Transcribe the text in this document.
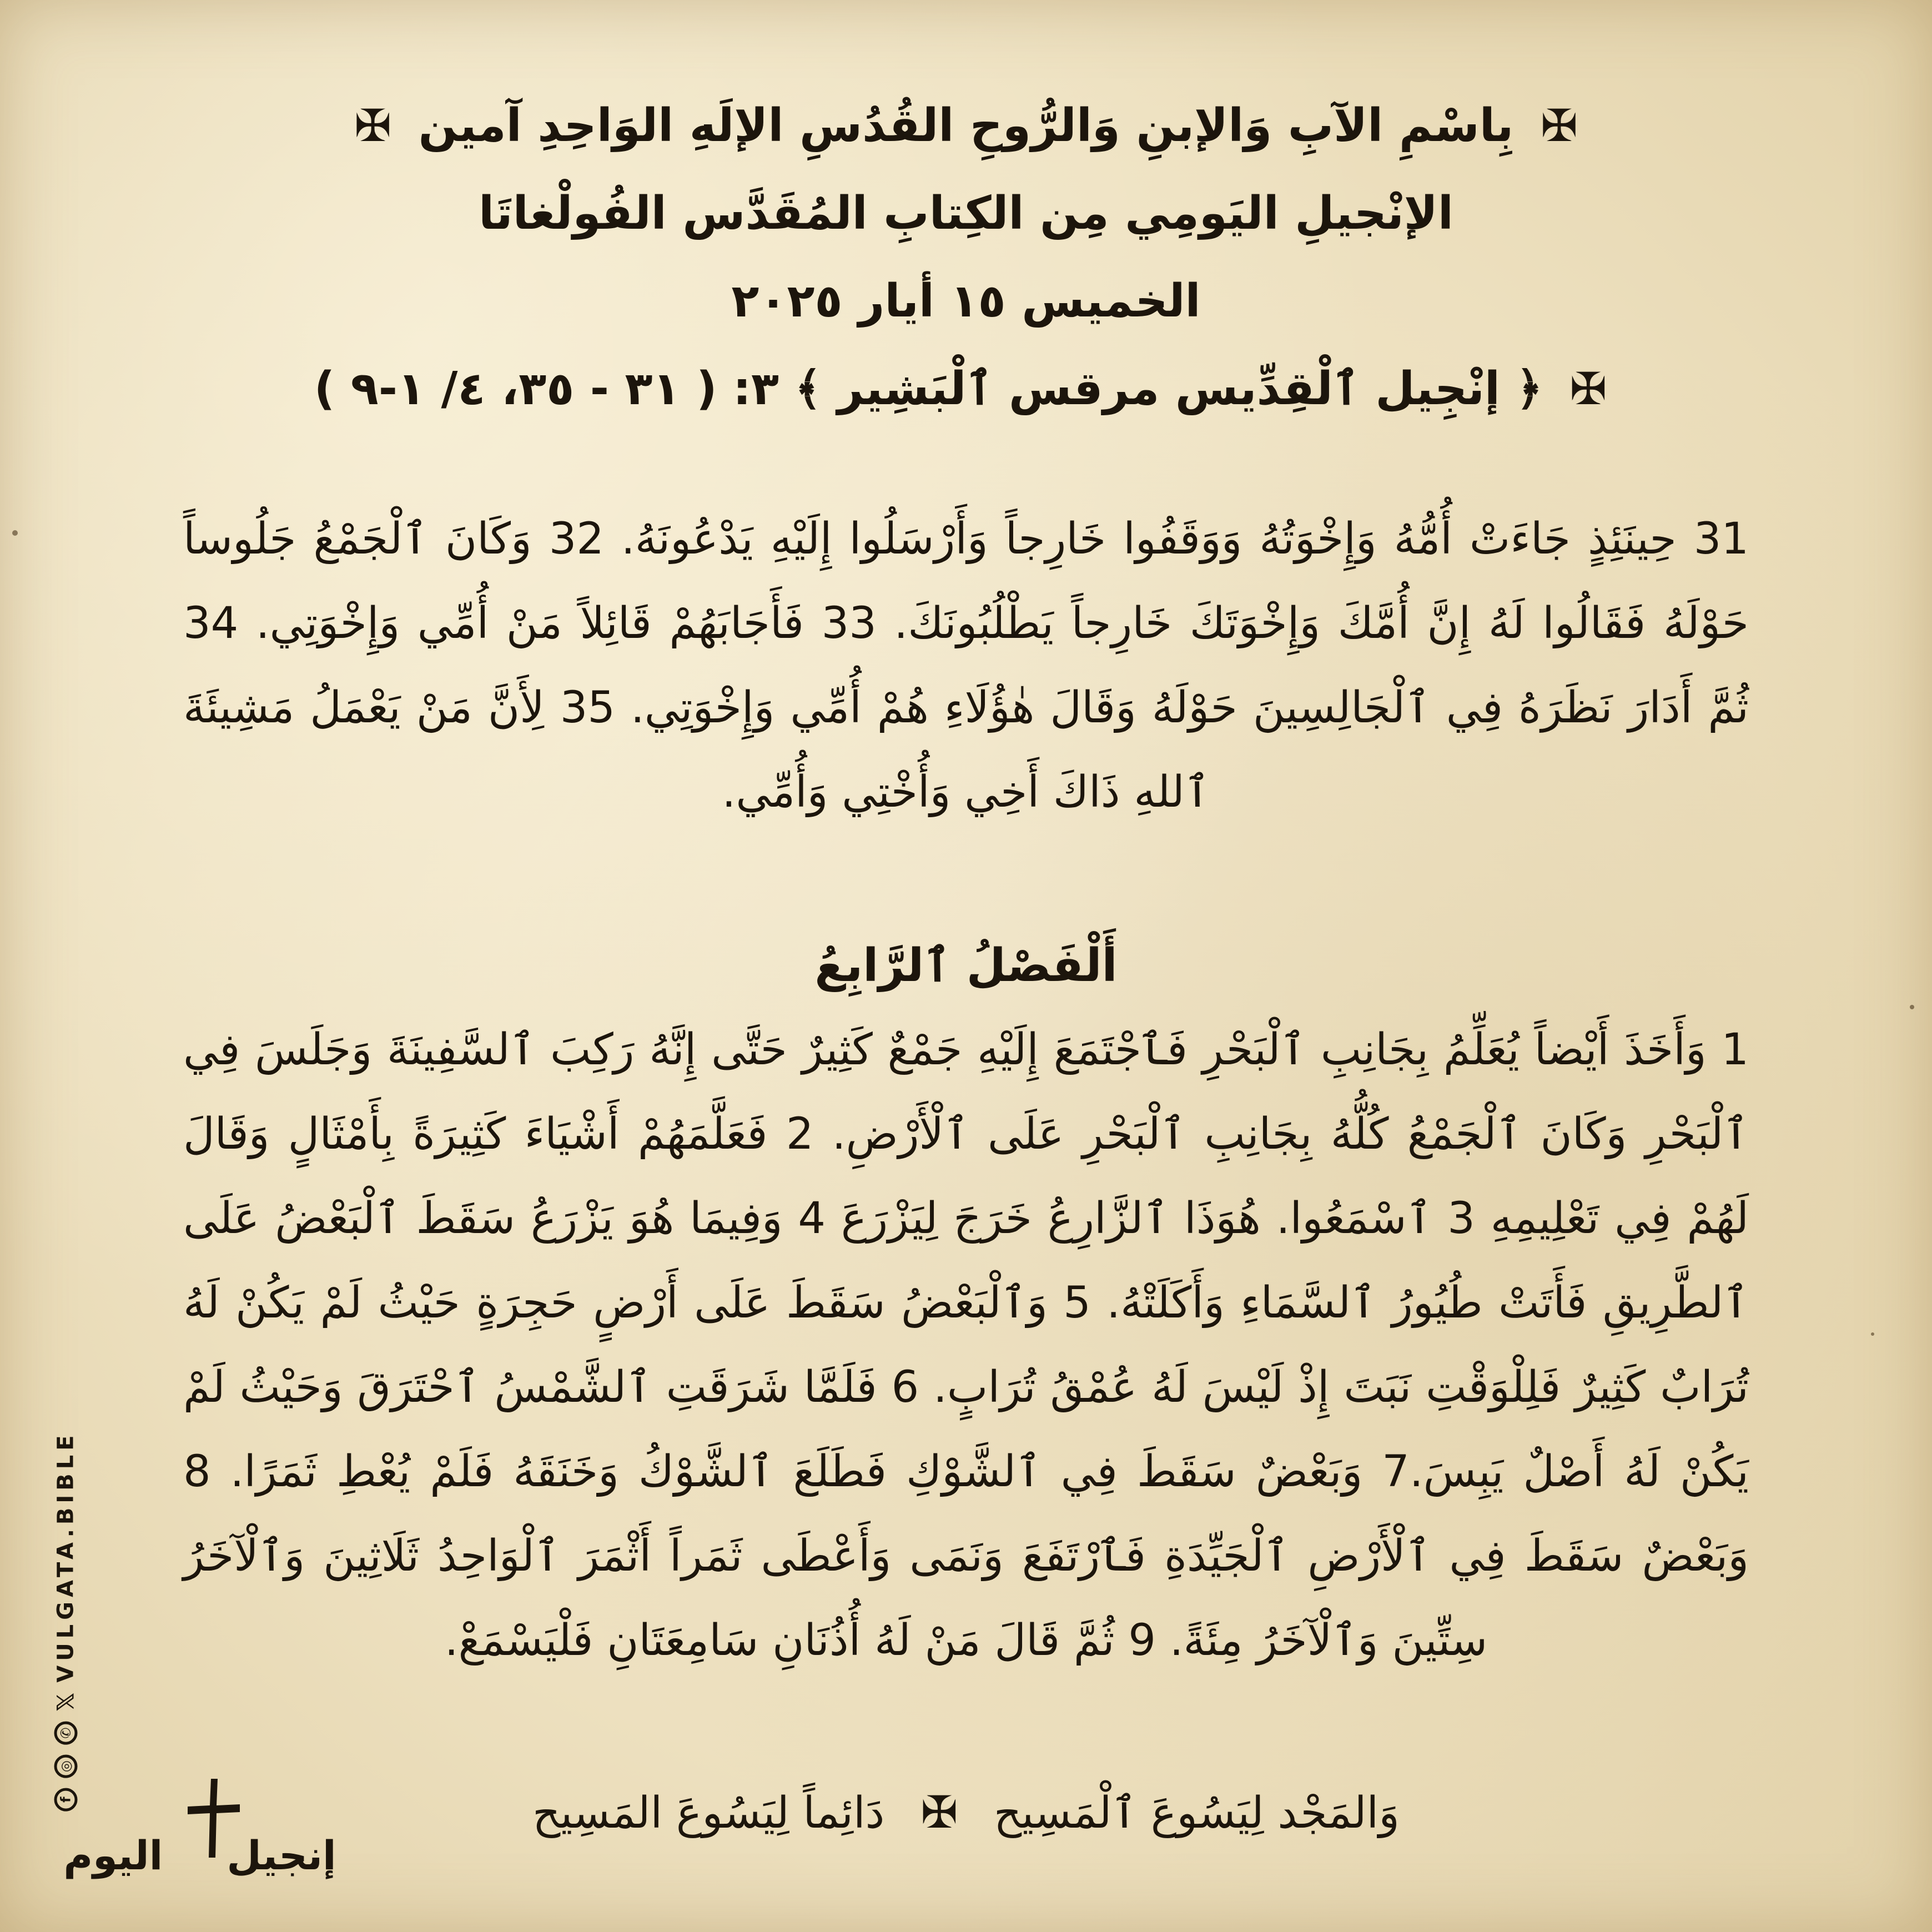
✠ بِاسْمِ الآبِ وَالإبنِ وَالرُّوحِ القُدُسِ الإلَهِ الوَاحِدِ آمين ✠
الإنْجيلِ اليَومِي مِن الكِتابِ المُقَدَّس الفُولْغاتَا
الخميس ١٥ أيار ٢٠٢٥
✠ ﴿ إنْجِيل ٱلْقِدِّيس مرقس ٱلْبَشِير ﴾ ٣: ( ٣١ - ٣٥، ٤/ ١-٩ )
31 حِينَئِذٍ جَاءَتْ أُمُّهُ وَإِخْوَتُهُ وَوَقَفُوا خَارِجاً وَأَرْسَلُوا إِلَيْهِ يَدْعُونَهُ. 32 وَكَانَ ٱلْجَمْعُ جَلُوساً حَوْلَهُ فَقَالُوا لَهُ إِنَّ أُمَّكَ وَإِخْوَتَكَ خَارِجاً يَطْلُبُونَكَ. 33 فَأَجَابَهُمْ قَائِلاً مَنْ أُمِّي وَإِخْوَتِي. 34 ثُمَّ أَدَارَ نَظَرَهُ فِي ٱلْجَالِسِينَ حَوْلَهُ وَقَالَ هٰؤُلَاءِ هُمْ أُمِّي وَإِخْوَتِي. 35 لِأَنَّ مَنْ يَعْمَلُ مَشِيئَةَ ٱللهِ ذَاكَ أَخِي وَأُخْتِي وَأُمِّي.
أَلْفَصْلُ ٱلرَّابِعُ
1 وَأَخَذَ أَيْضاً يُعَلِّمُ بِجَانِبِ ٱلْبَحْرِ فَٱجْتَمَعَ إِلَيْهِ جَمْعٌ كَثِيرٌ حَتَّى إِنَّهُ رَكِبَ ٱلسَّفِينَةَ وَجَلَسَ فِي ٱلْبَحْرِ وَكَانَ ٱلْجَمْعُ كُلُّهُ بِجَانِبِ ٱلْبَحْرِ عَلَى ٱلْأَرْضِ. 2 فَعَلَّمَهُمْ أَشْيَاءَ كَثِيرَةً بِأَمْثَالٍ وَقَالَ لَهُمْ فِي تَعْلِيمِهِ 3 ٱسْمَعُوا. هُوَذَا ٱلزَّارِعُ خَرَجَ لِيَزْرَعَ 4 وَفِيمَا هُوَ يَزْرَعُ سَقَطَ ٱلْبَعْضُ عَلَى ٱلطَّرِيقِ فَأَتَتْ طُيُورُ ٱلسَّمَاءِ وَأَكَلَتْهُ. 5 وَٱلْبَعْضُ سَقَطَ عَلَى أَرْضٍ حَجِرَةٍ حَيْثُ لَمْ يَكُنْ لَهُ تُرَابٌ كَثِيرٌ فَلِلْوَقْتِ نَبَتَ إِذْ لَيْسَ لَهُ عُمْقُ تُرَابٍ. 6 فَلَمَّا شَرَقَتِ ٱلشَّمْسُ ٱحْتَرَقَ وَحَيْثُ لَمْ يَكُنْ لَهُ أَصْلٌ يَبِسَ.7 وَبَعْضٌ سَقَطَ فِي ٱلشَّوْكِ فَطَلَعَ ٱلشَّوْكُ وَخَنَقَهُ فَلَمْ يُعْطِ ثَمَرًا. 8 وَبَعْضٌ سَقَطَ فِي ٱلْأَرْضِ ٱلْجَيِّدَةِ فَٱرْتَفَعَ وَنَمَى وَأَعْطَى ثَمَراً أَثْمَرَ ٱلْوَاحِدُ ثَلَاثِينَ وَٱلْآخَرُ سِتِّينَ وَٱلْآخَرُ مِئَةً. 9 ثُمَّ قَالَ مَنْ لَهُ أُذُنَانِ سَامِعَتَانِ فَلْيَسْمَعْ.
وَالمَجْد لِيَسُوعَ ٱلْمَسِيح ✠ دَائِماً لِيَسُوعَ المَسِيح
f
◎
✆
𝕏
VULGATA.BIBLE
إنجيل اليوم
